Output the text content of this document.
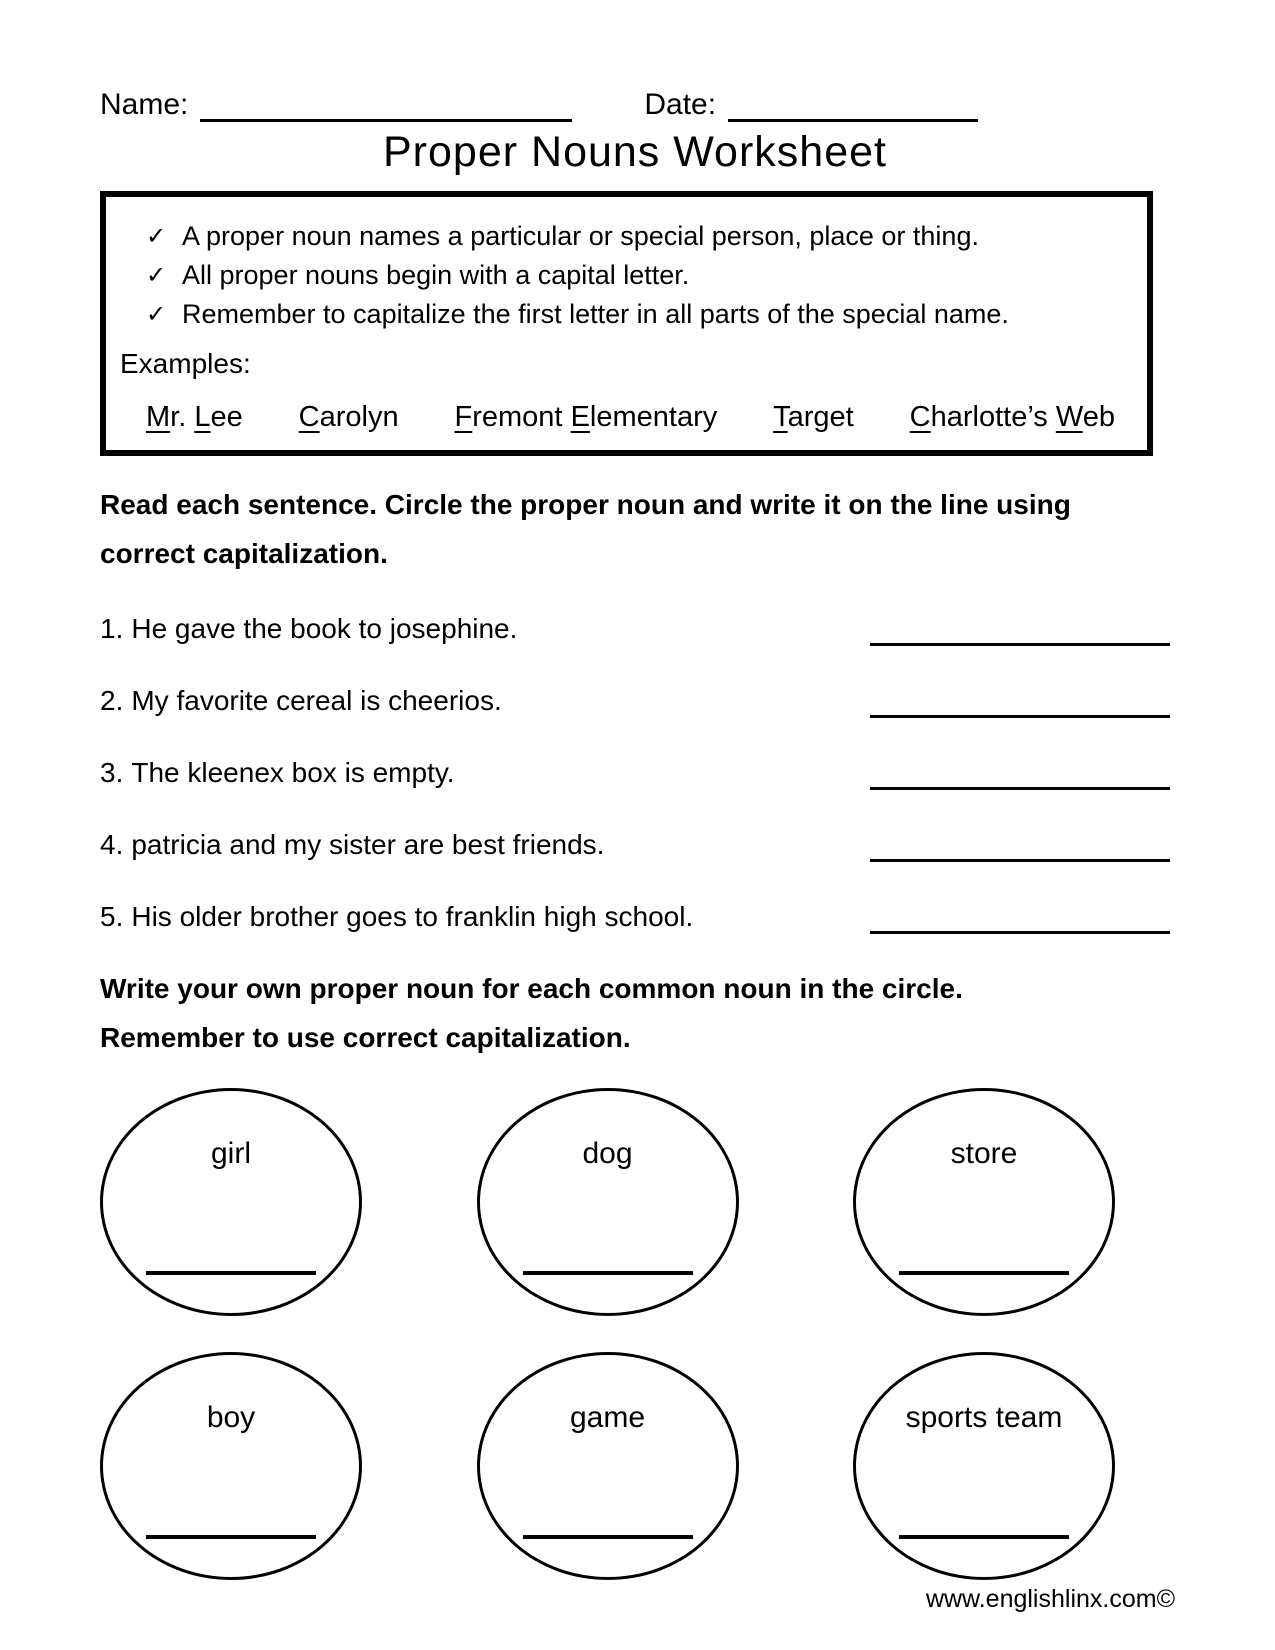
Name:	Date:
Proper Nouns Worksheet
✓ A proper noun names a particular or special person, place or thing.
✓ All proper nouns begin with a capital letter.
✓ Remember to capitalize the first letter in all parts of the special name.
Examples:
Mr. Lee Carolyn Fremont Elementary Target Charlotte’s Web

Read each sentence. Circle the proper noun and write it on the line using correct capitalization.

1. He gave the book to josephine.
2. My favorite cereal is cheerios.
3. The kleenex box is empty.
4. patricia and my sister are best friends.
5. His older brother goes to franklin high school.

Write your own proper noun for each common noun in the circle.
Remember to use correct capitalization.

girl	dog	store
boy	game	sports team
www.englishlinx.com©
